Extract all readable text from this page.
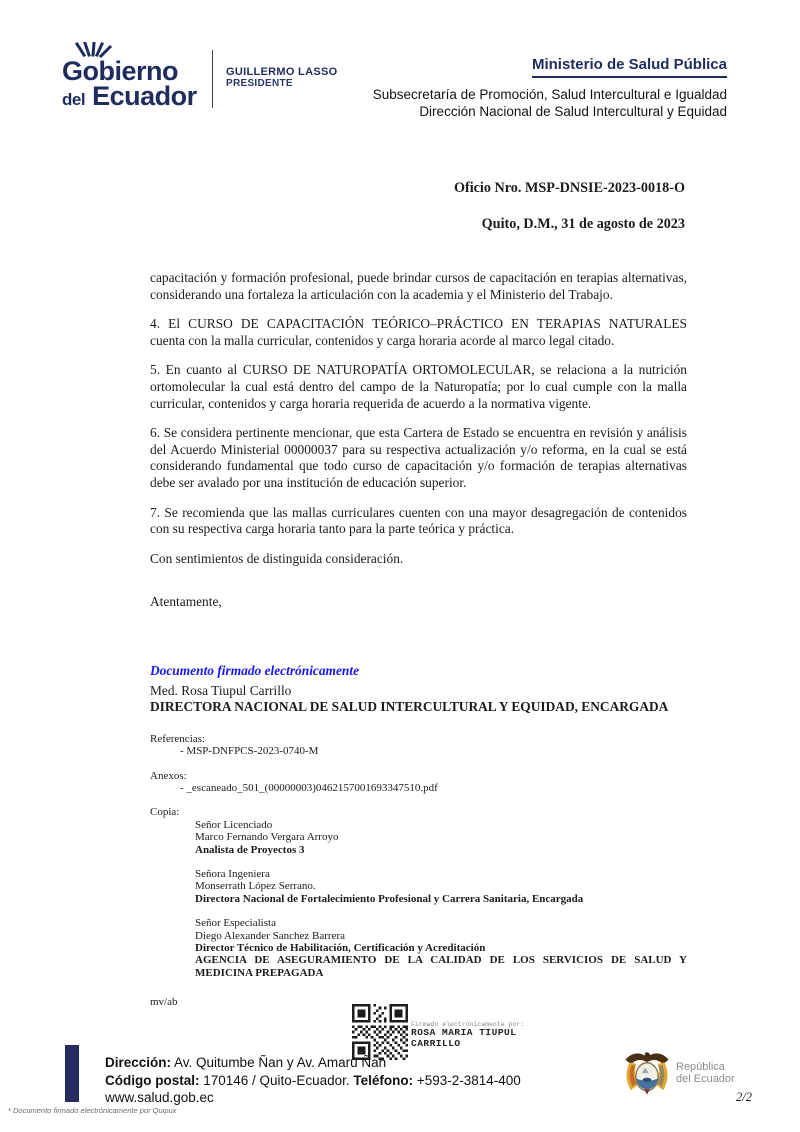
Gobierno
del Ecuador
GUILLERMO LASSO
PRESIDENTE
Ministerio de Salud Pública
Subsecretaría de Promoción, Salud Intercultural e Igualdad
Dirección Nacional de Salud Intercultural y Equidad
Oficio Nro. MSP-DNSIE-2023-0018-O
Quito, D.M., 31 de agosto de 2023

capacitación y formación profesional, puede brindar cursos de capacitación en terapias alternativas, considerando una fortaleza la articulación con la academia y el Ministerio del Trabajo.

4. El CURSO DE CAPACITACIÓN TEÓRICO–PRÁCTICO EN TERAPIAS NATURALES cuenta con la malla curricular, contenidos y carga horaria acorde al marco legal citado.

5. En cuanto al CURSO DE NATUROPATÍA ORTOMOLECULAR, se relaciona a la nutrición ortomolecular la cual está dentro del campo de la Naturopatía; por lo cual cumple con la malla curricular, contenidos y carga horaria requerida de acuerdo a la normativa vigente.

6. Se considera pertinente mencionar, que esta Cartera de Estado se encuentra en revisión y análisis del Acuerdo Ministerial 00000037 para su respectiva actualización y/o reforma, en la cual se está considerando fundamental que todo curso de capacitación y/o formación de terapias alternativas debe ser avalado por una institución de educación superior.

7. Se recomienda que las mallas curriculares cuenten con una mayor desagregación de contenidos con su respectiva carga horaria tanto para la parte teórica y práctica.

Con sentimientos de distinguida consideración.

Atentamente,

Documento firmado electrónicamente
Med. Rosa Tiupul Carrillo
DIRECTORA NACIONAL DE SALUD INTERCULTURAL Y EQUIDAD, ENCARGADA
Referencias:
- MSP-DNFPCS-2023-0740-M
Anexos:
- _escaneado_501_(00000003)0462157001693347510.pdf
Copia:
Señor Licenciado
Marco Fernando Vergara Arroyo
Analista de Proyectos 3
Señora Ingeniera
Monserrath López Serrano.
Directora Nacional de Fortalecimiento Profesional y Carrera Sanitaria, Encargada
Señor Especialista
Diego Alexander Sanchez Barrera
Director Técnico de Habilitación, Certificación y Acreditación
AGENCIA DE ASEGURAMIENTO DE LA CALIDAD DE LOS SERVICIOS DE SALUD Y MEDICINA PREPAGADA
mv/ab
Firmado electrónicamente por:
ROSA MARIA TIUPUL
CARRILLO
Dirección: Av. Quitumbe Ñan y Av. Amaru Ñan
Código postal: 170146 / Quito-Ecuador. Teléfono: +593-2-3814-400
www.salud.gob.ec
* Documento firmado electrónicamente por Quipux
República
del Ecuador
2/2
